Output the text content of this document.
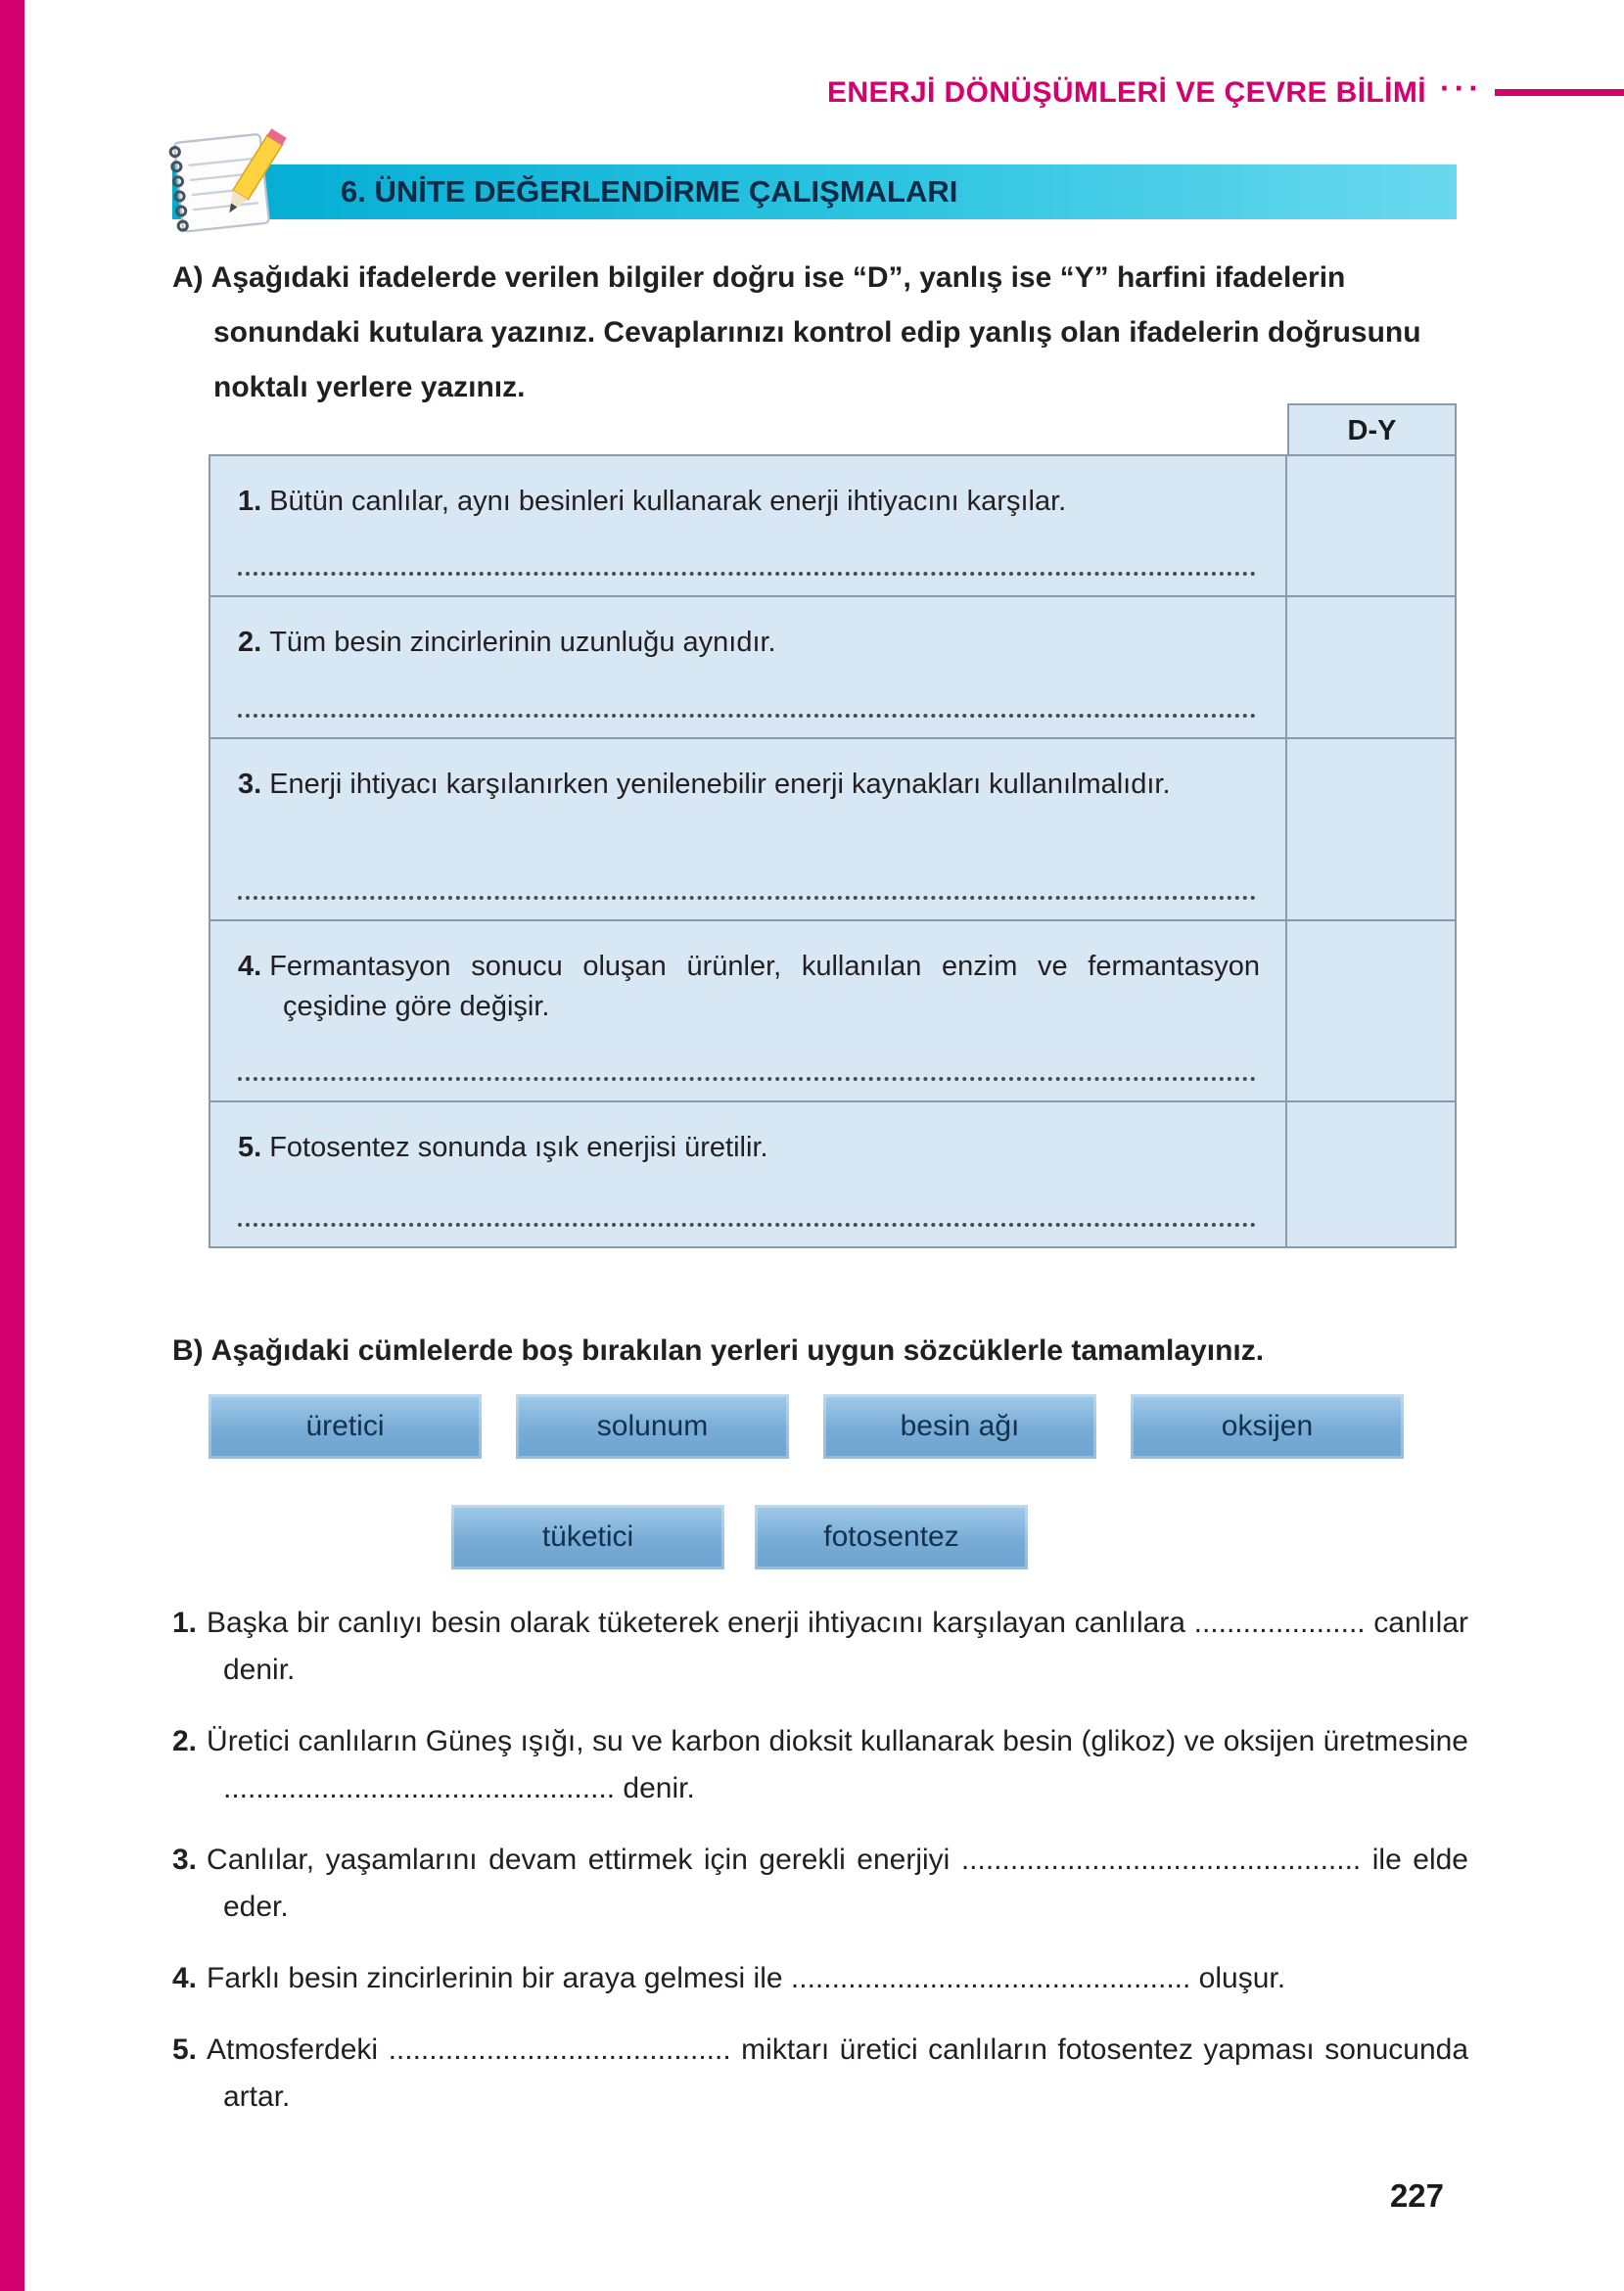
ENERJİ DÖNÜŞÜMLERİ VE ÇEVRE BİLİMİ ···
6. ÜNİTE DEĞERLENDİRME ÇALIŞMALARI

A) Aşağıdaki ifadelerde verilen bilgiler doğru ise “D”, yanlış ise “Y” harfini ifadelerin sonundaki kutulara yazınız. Cevaplarınızı kontrol edip yanlış olan ifadelerin doğrusunu noktalı yerlere yazınız.

D-Y
1. Bütün canlılar, aynı besinleri kullanarak enerji ihtiyacını karşılar.
2. Tüm besin zincirlerinin uzunluğu aynıdır.
3. Enerji ihtiyacı karşılanırken yenilenebilir enerji kaynakları kullanılmalıdır.
4. Fermantasyon sonucu oluşan ürünler, kullanılan enzim ve fermantasyon çeşidine göre değişir.
5. Fotosentez sonunda ışık enerjisi üretilir.

B) Aşağıdaki cümlelerde boş bırakılan yerleri uygun sözcüklerle tamamlayınız.

üretici	solunum	besin ağı	oksijen
tüketici	fotosentez
1. Başka bir canlıyı besin olarak tüketerek enerji ihtiyacını karşılayan canlılara ..................... canlılar denir.
2. Üretici canlıların Güneş ışığı, su ve karbon dioksit kullanarak besin (glikoz) ve oksijen üretmesine ................................................ denir.
3. Canlılar, yaşamlarını devam ettirmek için gerekli enerjiyi ................................................. ile elde eder.
4. Farklı besin zincirlerinin bir araya gelmesi ile ................................................. oluşur.
5. Atmosferdeki .......................................... miktarı üretici canlıların fotosentez yapması sonucunda artar.
227
